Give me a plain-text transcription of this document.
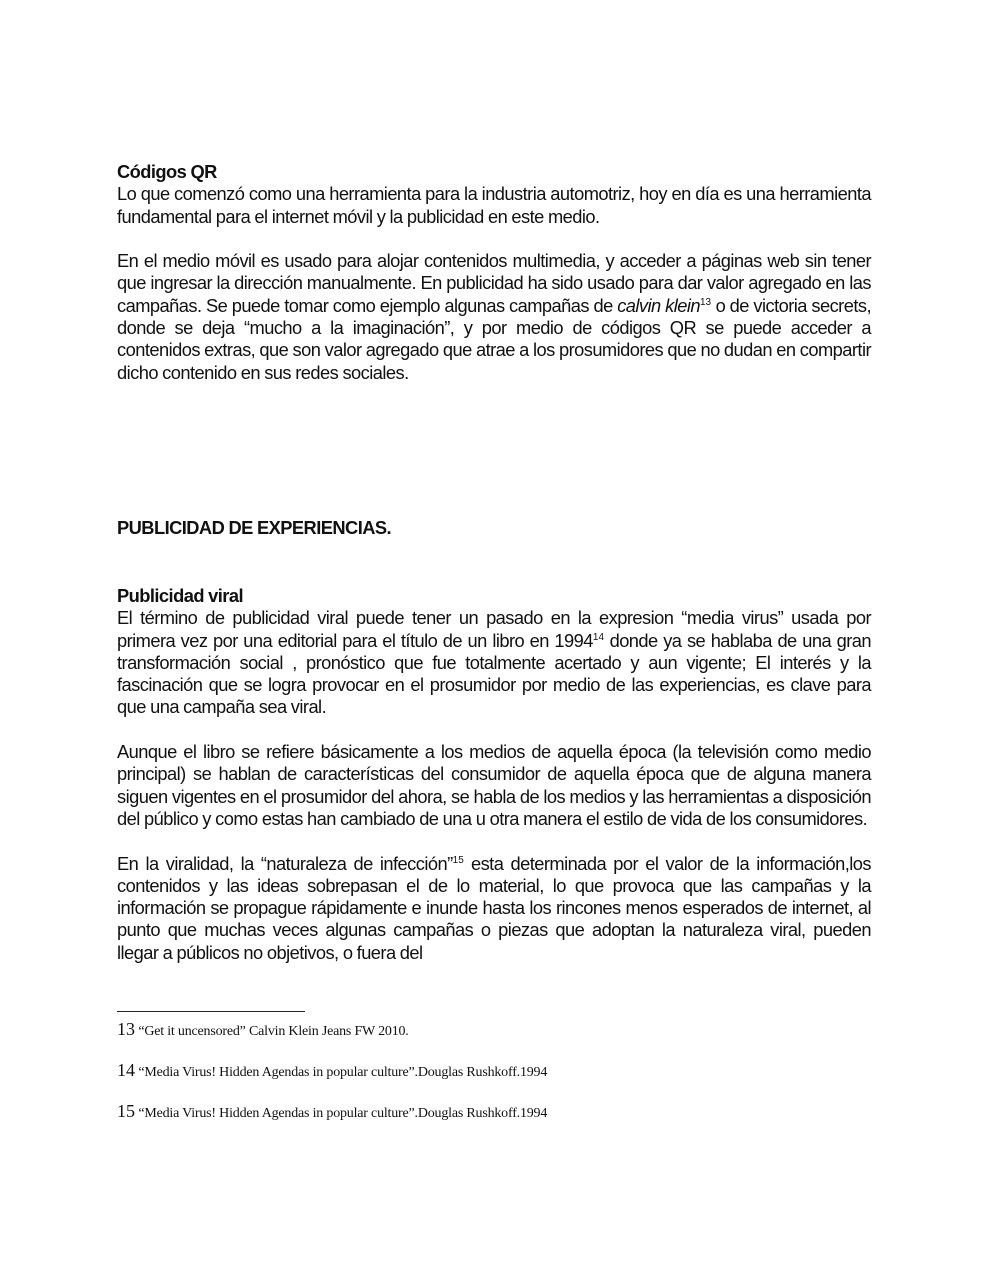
Códigos QR

Lo que comenzó como una herramienta para la industria automotriz, hoy en día es una herramienta fundamental para el internet móvil y la publicidad en este medio.

En el medio móvil es usado para alojar contenidos multimedia, y acceder a páginas web sin tener que ingresar la dirección manualmente. En publicidad ha sido usado para dar valor agregado en las campañas. Se puede tomar como ejemplo algunas campañas de calvin klein$^{13}$ o de victoria secrets, donde se deja “mucho a la imaginación”, y por medio de códigos QR se puede acceder a contenidos extras, que son valor agregado que atrae a los prosumidores que no dudan en compartir dicho contenido en sus redes sociales.

PUBLICIDAD DE EXPERIENCIAS.

Publicidad viral

El término de publicidad viral puede tener un pasado en la expresion “media virus” usada por primera vez por una editorial para el título de un libro en 1994$^{14}$ donde ya se hablaba de una gran transformación social , pronóstico que fue totalmente acertado y aun vigente; El interés y la fascinación que se logra provocar en el prosumidor por medio de las experiencias, es clave para que una campaña sea viral.

Aunque el libro se refiere básicamente a los medios de aquella época (la televisión como medio principal) se hablan de características del consumidor de aquella época que de alguna manera siguen vigentes en el prosumidor del ahora, se habla de los medios y las herramientas a disposición del público y como estas han cambiado de una u otra manera el estilo de vida de los consumidores.

En la viralidad, la “naturaleza de infección”$^{15}$ esta determinada por el valor de la información,los contenidos y las ideas sobrepasan el de lo material, lo que provoca que las campañas y la información se propague rápidamente e inunde hasta los rincones menos esperados de internet, al punto que muchas veces algunas campañas o piezas que adoptan la naturaleza viral, pueden llegar a públicos no objetivos, o fuera del

13 “Get it uncensored” Calvin Klein Jeans FW 2010.
14 “Media Virus! Hidden Agendas in popular culture”.Douglas Rushkoff.1994
15 “Media Virus! Hidden Agendas in popular culture”.Douglas Rushkoff.1994
